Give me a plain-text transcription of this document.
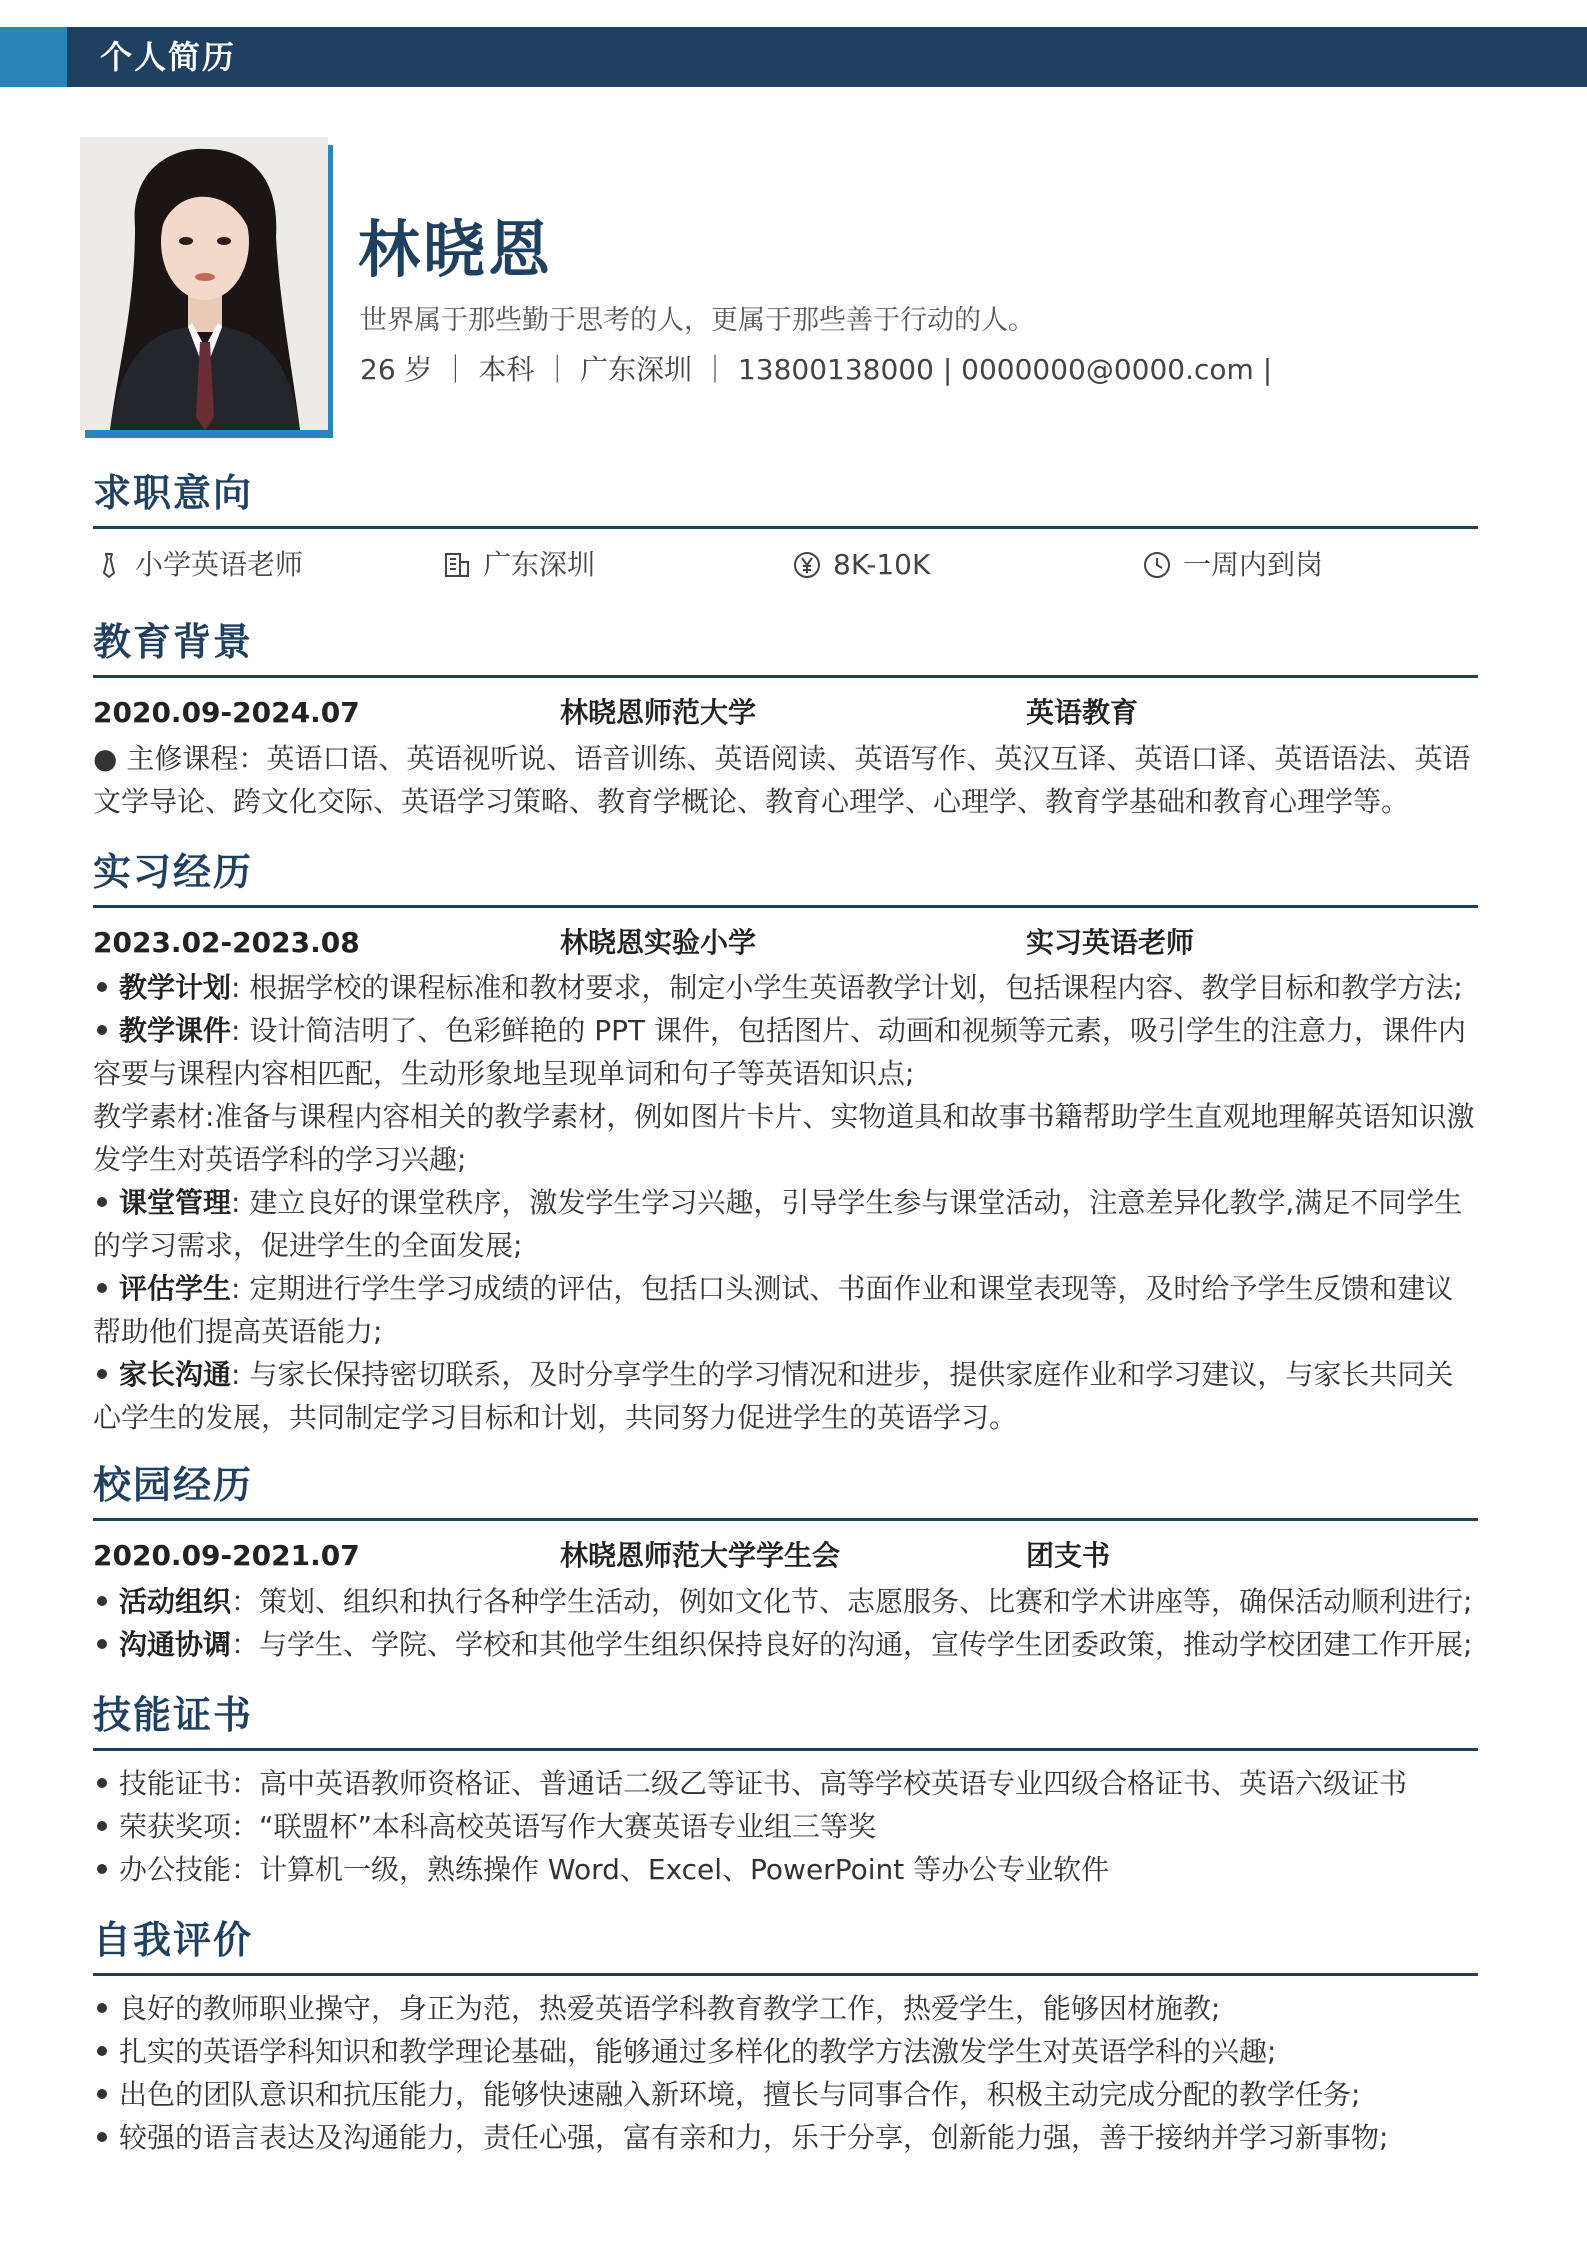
个人简历
林晓恩
世界属于那些勤于思考的人，更属于那些善于行动的人。
26 岁 ｜ 本科 ｜ 广东深圳 ｜ 13800138000 | 0000000@0000.com |
求职意向
小学英语老师	广东深圳	8K-10K	一周内到岗
教育背景
2020.09-2024.07	林晓恩师范大学	英语教育
● 主修课程：英语口语、英语视听说、语音训练、英语阅读、英语写作、英汉互译、英语口译、英语语法、英语
文学导论、跨文化交际、英语学习策略、教育学概论、教育心理学、心理学、教育学基础和教育心理学等。
实习经历
2023.02-2023.08	林晓恩实验小学	实习英语老师
教学计划: 根据学校的课程标准和教材要求，制定小学生英语教学计划，包括课程内容、教学目标和教学方法;
教学课件: 设计简洁明了、色彩鲜艳的 PPT 课件，包括图片、动画和视频等元素，吸引学生的注意力，课件内
容要与课程内容相匹配，生动形象地呈现单词和句子等英语知识点;
教学素材:准备与课程内容相关的教学素材，例如图片卡片、实物道具和故事书籍帮助学生直观地理解英语知识激
发学生对英语学科的学习兴趣;
课堂管理: 建立良好的课堂秩序，激发学生学习兴趣，引导学生参与课堂活动，注意差异化教学,满足不同学生
的学习需求，促进学生的全面发展;
评估学生: 定期进行学生学习成绩的评估，包括口头测试、书面作业和课堂表现等，及时给予学生反馈和建议
帮助他们提高英语能力;
家长沟通: 与家长保持密切联系，及时分享学生的学习情况和进步，提供家庭作业和学习建议，与家长共同关
心学生的发展，共同制定学习目标和计划，共同努力促进学生的英语学习。
校园经历
2020.09-2021.07	林晓恩师范大学学生会	团支书
活动组织：策划、组织和执行各种学生活动，例如文化节、志愿服务、比赛和学术讲座等，确保活动顺利进行;
沟通协调：与学生、学院、学校和其他学生组织保持良好的沟通，宣传学生团委政策，推动学校团建工作开展;
技能证书
技能证书：高中英语教师资格证、普通话二级乙等证书、高等学校英语专业四级合格证书、英语六级证书
荣获奖项：“联盟杯”本科高校英语写作大赛英语专业组三等奖
办公技能：计算机一级，熟练操作 Word、Excel、PowerPoint 等办公专业软件
自我评价
良好的教师职业操守，身正为范，热爱英语学科教育教学工作，热爱学生，能够因材施教;
扎实的英语学科知识和教学理论基础，能够通过多样化的教学方法激发学生对英语学科的兴趣;
出色的团队意识和抗压能力，能够快速融入新环境，擅长与同事合作，积极主动完成分配的教学任务;
较强的语言表达及沟通能力，责任心强，富有亲和力，乐于分享，创新能力强，善于接纳并学习新事物;
